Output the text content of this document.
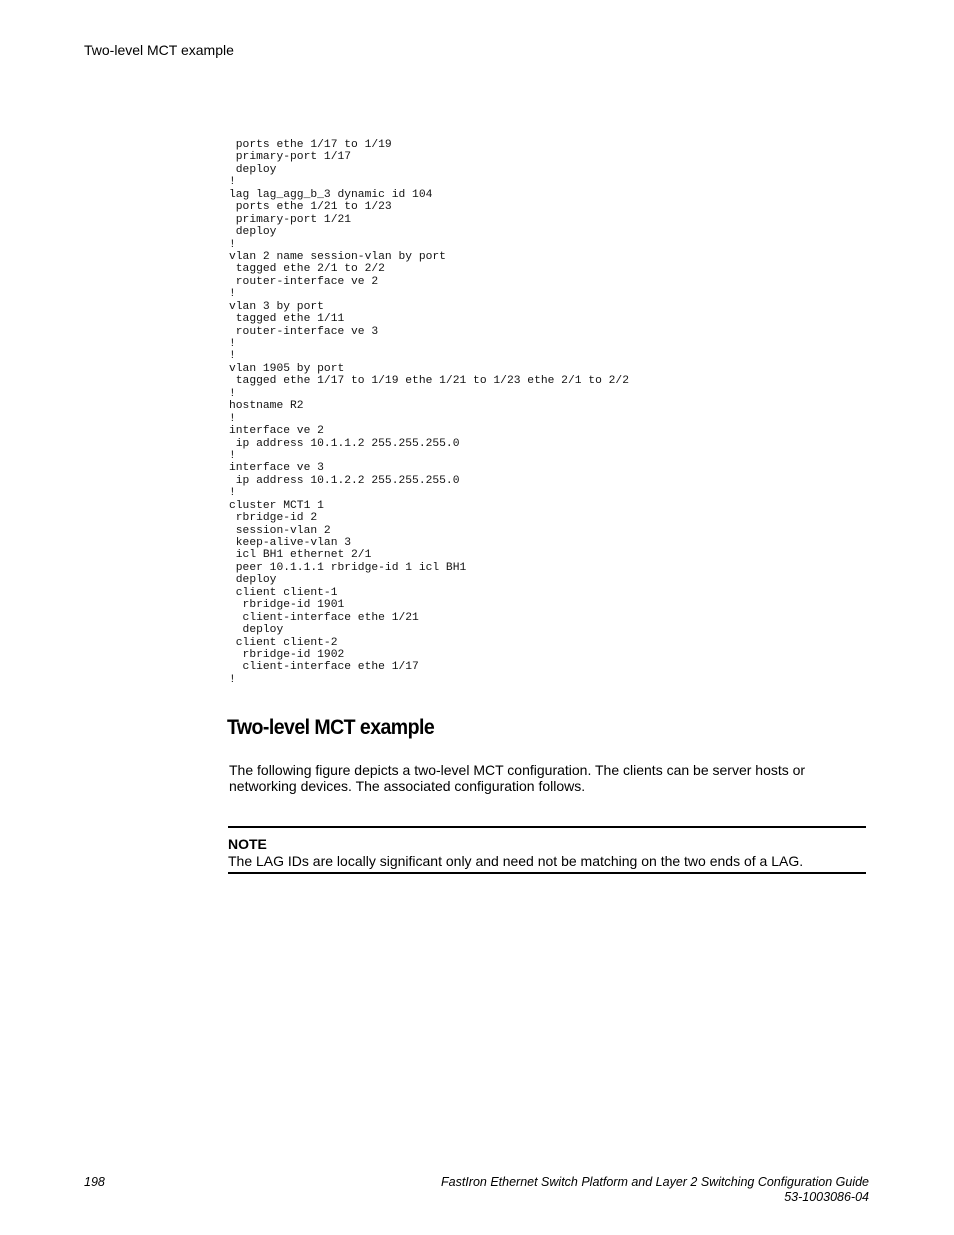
Two-level MCT example
ports ethe 1/17 to 1/19
primary-port 1/17
deploy
!
lag lag_agg_b_3 dynamic id 104
ports ethe 1/21 to 1/23
primary-port 1/21
deploy
!
vlan 2 name session-vlan by port
tagged ethe 2/1 to 2/2
router-interface ve 2
!
vlan 3 by port
tagged ethe 1/11
router-interface ve 3
!
!
vlan 1905 by port
tagged ethe 1/17 to 1/19 ethe 1/21 to 1/23 ethe 2/1 to 2/2
!
hostname R2
!
interface ve 2
ip address 10.1.1.2 255.255.255.0
!
interface ve 3
ip address 10.1.2.2 255.255.255.0
!
cluster MCT1 1
rbridge-id 2
session-vlan 2
keep-alive-vlan 3
icl BH1 ethernet 2/1
peer 10.1.1.1 rbridge-id 1 icl BH1
deploy
client client-1
rbridge-id 1901
client-interface ethe 1/21
deploy
client client-2
rbridge-id 1902
client-interface ethe 1/17
!
Two-level MCT example

The following figure depicts a two-level MCT configuration. The clients can be server hosts or networking devices. The associated configuration follows.

NOTE
The LAG IDs are locally significant only and need not be matching on the two ends of a LAG.
198	FastIron Ethernet Switch Platform and Layer 2 Switching Configuration Guide
53-1003086-04
